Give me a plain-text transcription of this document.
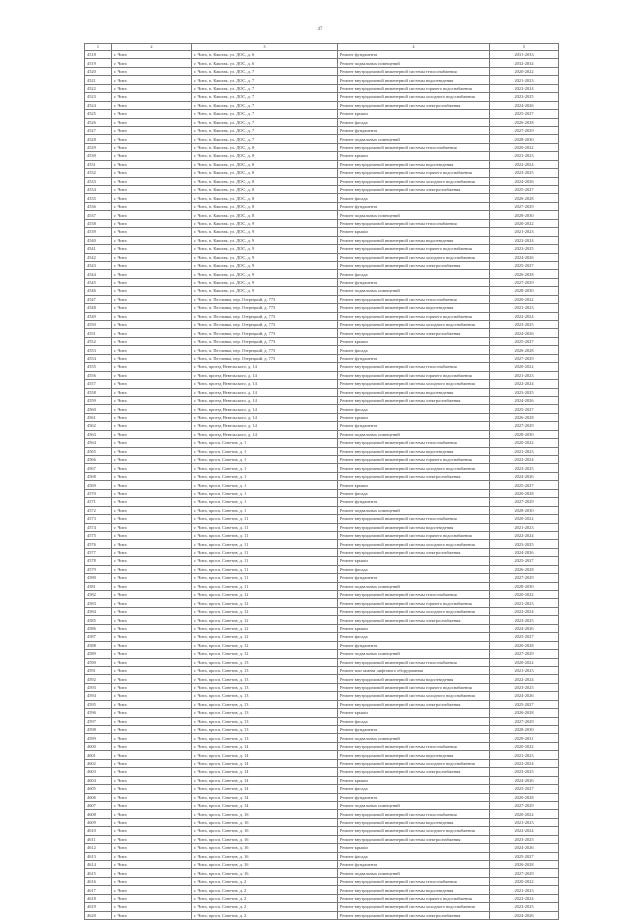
47
1	2	3	4	5
4518	г. Чита	г. Чита, п. Каштак, ул. ДОС, д. 6	Ремонт фундамента	2031-2033
4519	г. Чита	г. Чита, п. Каштак, ул. ДОС, д. 6	Ремонт подвальных помещений	2032-2034
4520	г. Чита	г. Чита, п. Каштак, ул. ДОС, д. 7	Ремонт внутридомовой инженерной системы теплоснабжения	2020-2022
4521	г. Чита	г. Чита, п. Каштак, ул. ДОС, д. 7	Ремонт внутридомовой инженерной системы водоотведения	2021-2023
4522	г. Чита	г. Чита, п. Каштак, ул. ДОС, д. 7	Ремонт внутридомовой инженерной системы горячего водоснабжения	2022-2024
4523	г. Чита	г. Чита, п. Каштак, ул. ДОС, д. 7	Ремонт внутридомовой инженерной системы холодного водоснабжения	2023-2025
4524	г. Чита	г. Чита, п. Каштак, ул. ДОС, д. 7	Ремонт внутридомовой инженерной системы электроснабжения	2024-2026
4525	г. Чита	г. Чита, п. Каштак, ул. ДОС, д. 7	Ремонт крыши	2025-2027
4526	г. Чита	г. Чита, п. Каштак, ул. ДОС, д. 7	Ремонт фасада	2026-2028
4527	г. Чита	г. Чита, п. Каштак, ул. ДОС, д. 7	Ремонт фундамента	2027-2029
4528	г. Чита	г. Чита, п. Каштак, ул. ДОС, д. 7	Ремонт подвальных помещений	2028-2030
4529	г. Чита	г. Чита, п. Каштак, ул. ДОС, д. 8	Ремонт внутридомовой инженерной системы теплоснабжения	2020-2022
4530	г. Чита	г. Чита, п. Каштак, ул. ДОС, д. 8	Ремонт крыши	2021-2023
4531	г. Чита	г. Чита, п. Каштак, ул. ДОС, д. 8	Ремонт внутридомовой инженерной системы водоотведения	2022-2024
4532	г. Чита	г. Чита, п. Каштак, ул. ДОС, д. 8	Ремонт внутридомовой инженерной системы горячего водоснабжения	2023-2025
4533	г. Чита	г. Чита, п. Каштак, ул. ДОС, д. 8	Ремонт внутридомовой инженерной системы холодного водоснабжения	2024-2026
4534	г. Чита	г. Чита, п. Каштак, ул. ДОС, д. 8	Ремонт внутридомовой инженерной системы электроснабжения	2025-2027
4535	г. Чита	г. Чита, п. Каштак, ул. ДОС, д. 8	Ремонт фасада	2026-2028
4536	г. Чита	г. Чита, п. Каштак, ул. ДОС, д. 8	Ремонт фундамента	2027-2029
4537	г. Чита	г. Чита, п. Каштак, ул. ДОС, д. 8	Ремонт подвальных помещений	2028-2030
4538	г. Чита	г. Чита, п. Каштак, ул. ДОС, д. 9	Ремонт внутридомовой инженерной системы теплоснабжения	2020-2022
4539	г. Чита	г. Чита, п. Каштак, ул. ДОС, д. 9	Ремонт крыши	2021-2023
4540	г. Чита	г. Чита, п. Каштак, ул. ДОС, д. 9	Ремонт внутридомовой инженерной системы водоотведения	2022-2024
4541	г. Чита	г. Чита, п. Каштак, ул. ДОС, д. 9	Ремонт внутридомовой инженерной системы горячего водоснабжения	2023-2025
4542	г. Чита	г. Чита, п. Каштак, ул. ДОС, д. 9	Ремонт внутридомовой инженерной системы холодного водоснабжения	2024-2026
4543	г. Чита	г. Чита, п. Каштак, ул. ДОС, д. 9	Ремонт внутридомовой инженерной системы электроснабжения	2025-2027
4544	г. Чита	г. Чита, п. Каштак, ул. ДОС, д. 9	Ремонт фасада	2026-2028
4545	г. Чита	г. Чита, п. Каштак, ул. ДОС, д. 9	Ремонт фундамента	2027-2029
4546	г. Чита	г. Чита, п. Каштак, ул. ДОС, д. 9	Ремонт подвальных помещений	2028-2030
4547	г. Чита	г. Чита, п. Песчанка, пер. Озерецкий, д. 773	Ремонт внутридомовой инженерной системы теплоснабжения	2020-2022
4548	г. Чита	г. Чита, п. Песчанка, пер. Озерецкий, д. 773	Ремонт внутридомовой инженерной системы водоотведения	2021-2023
4549	г. Чита	г. Чита, п. Песчанка, пер. Озерецкий, д. 773	Ремонт внутридомовой инженерной системы горячего водоснабжения	2022-2024
4550	г. Чита	г. Чита, п. Песчанка, пер. Озерецкий, д. 773	Ремонт внутридомовой инженерной системы холодного водоснабжения	2023-2025
4551	г. Чита	г. Чита, п. Песчанка, пер. Озерецкий, д. 773	Ремонт внутридомовой инженерной системы электроснабжения	2024-2026
4552	г. Чита	г. Чита, п. Песчанка, пер. Озерецкий, д. 773	Ремонт крыши	2025-2027
4553	г. Чита	г. Чита, п. Песчанка, пер. Озерецкий, д. 773	Ремонт фасада	2026-2028
4554	г. Чита	г. Чита, п. Песчанка, пер. Озерецкий, д. 773	Ремонт фундамента	2027-2029
4555	г. Чита	г. Чита, проезд Невельского, д. 14	Ремонт внутридомовой инженерной системы теплоснабжения	2020-2022
4556	г. Чита	г. Чита, проезд Невельского, д. 14	Ремонт внутридомовой инженерной системы горячего водоснабжения	2021-2023
4557	г. Чита	г. Чита, проезд Невельского, д. 14	Ремонт внутридомовой инженерной системы холодного водоснабжения	2022-2024
4558	г. Чита	г. Чита, проезд Невельского, д. 14	Ремонт внутридомовой инженерной системы водоотведения	2023-2025
4559	г. Чита	г. Чита, проезд Невельского, д. 14	Ремонт внутридомовой инженерной системы электроснабжения	2024-2026
4560	г. Чита	г. Чита, проезд Невельского, д. 14	Ремонт фасада	2025-2027
4561	г. Чита	г. Чита, проезд Невельского, д. 14	Ремонт крыши	2026-2028
4562	г. Чита	г. Чита, проезд Невельского, д. 14	Ремонт фундамента	2027-2029
4563	г. Чита	г. Чита, проезд Невельского, д. 14	Ремонт подвальных помещений	2028-2030
4564	г. Чита	г. Чита, просп. Советов, д. 1	Ремонт внутридомовой инженерной системы теплоснабжения	2020-2022
4565	г. Чита	г. Чита, просп. Советов, д. 1	Ремонт внутридомовой инженерной системы водоотведения	2021-2023
4566	г. Чита	г. Чита, просп. Советов, д. 1	Ремонт внутридомовой инженерной системы горячего водоснабжения	2022-2024
4567	г. Чита	г. Чита, просп. Советов, д. 1	Ремонт внутридомовой инженерной системы холодного водоснабжения	2023-2025
4568	г. Чита	г. Чита, просп. Советов, д. 1	Ремонт внутридомовой инженерной системы электроснабжения	2024-2026
4569	г. Чита	г. Чита, просп. Советов, д. 1	Ремонт крыши	2025-2027
4570	г. Чита	г. Чита, просп. Советов, д. 1	Ремонт фасада	2026-2028
4571	г. Чита	г. Чита, просп. Советов, д. 1	Ремонт фундамента	2027-2029
4572	г. Чита	г. Чита, просп. Советов, д. 1	Ремонт подвальных помещений	2028-2030
4573	г. Чита	г. Чита, просп. Советов, д. 11	Ремонт внутридомовой инженерной системы теплоснабжения	2020-2022
4574	г. Чита	г. Чита, просп. Советов, д. 11	Ремонт внутридомовой инженерной системы водоотведения	2021-2023
4575	г. Чита	г. Чита, просп. Советов, д. 11	Ремонт внутридомовой инженерной системы горячего водоснабжения	2022-2024
4576	г. Чита	г. Чита, просп. Советов, д. 11	Ремонт внутридомовой инженерной системы холодного водоснабжения	2023-2025
4577	г. Чита	г. Чита, просп. Советов, д. 11	Ремонт внутридомовой инженерной системы электроснабжения	2024-2026
4578	г. Чита	г. Чита, просп. Советов, д. 11	Ремонт крыши	2025-2027
4579	г. Чита	г. Чита, просп. Советов, д. 11	Ремонт фасада	2026-2028
4580	г. Чита	г. Чита, просп. Советов, д. 11	Ремонт фундамента	2027-2029
4581	г. Чита	г. Чита, просп. Советов, д. 11	Ремонт подвальных помещений	2028-2030
4582	г. Чита	г. Чита, просп. Советов, д. 12	Ремонт внутридомовой инженерной системы теплоснабжения	2020-2022
4583	г. Чита	г. Чита, просп. Советов, д. 12	Ремонт внутридомовой инженерной системы горячего водоснабжения	2021-2023
4584	г. Чита	г. Чита, просп. Советов, д. 12	Ремонт внутридомовой инженерной системы холодного водоснабжения	2022-2024
4585	г. Чита	г. Чита, просп. Советов, д. 12	Ремонт внутридомовой инженерной системы электроснабжения	2023-2025
4586	г. Чита	г. Чита, просп. Советов, д. 12	Ремонт крыши	2024-2026
4587	г. Чита	г. Чита, просп. Советов, д. 12	Ремонт фасада	2025-2027
4588	г. Чита	г. Чита, просп. Советов, д. 12	Ремонт фундамента	2026-2028
4589	г. Чита	г. Чита, просп. Советов, д. 12	Ремонт подвальных помещений	2027-2029
4590	г. Чита	г. Чита, просп. Советов, д. 13	Ремонт внутридомовой инженерной системы теплоснабжения	2020-2022
4591	г. Чита	г. Чита, просп. Советов, д. 13	Ремонт или замена лифтового оборудования	2021-2023
4592	г. Чита	г. Чита, просп. Советов, д. 13	Ремонт внутридомовой инженерной системы водоотведения	2022-2024
4593	г. Чита	г. Чита, просп. Советов, д. 13	Ремонт внутридомовой инженерной системы горячего водоснабжения	2023-2025
4594	г. Чита	г. Чита, просп. Советов, д. 13	Ремонт внутридомовой инженерной системы холодного водоснабжения	2024-2026
4595	г. Чита	г. Чита, просп. Советов, д. 13	Ремонт внутридомовой инженерной системы электроснабжения	2025-2027
4596	г. Чита	г. Чита, просп. Советов, д. 13	Ремонт крыши	2026-2028
4597	г. Чита	г. Чита, просп. Советов, д. 13	Ремонт фасада	2027-2029
4598	г. Чита	г. Чита, просп. Советов, д. 13	Ремонт фундамента	2028-2030
4599	г. Чита	г. Чита, просп. Советов, д. 13	Ремонт подвальных помещений	2029-2031
4600	г. Чита	г. Чита, просп. Советов, д. 14	Ремонт внутридомовой инженерной системы теплоснабжения	2020-2022
4601	г. Чита	г. Чита, просп. Советов, д. 14	Ремонт внутридомовой инженерной системы водоотведения	2021-2023
4602	г. Чита	г. Чита, просп. Советов, д. 14	Ремонт внутридомовой инженерной системы холодного водоснабжения	2022-2024
4603	г. Чита	г. Чита, просп. Советов, д. 14	Ремонт внутридомовой инженерной системы электроснабжения	2023-2025
4604	г. Чита	г. Чита, просп. Советов, д. 14	Ремонт крыши	2024-2026
4605	г. Чита	г. Чита, просп. Советов, д. 14	Ремонт фасада	2025-2027
4606	г. Чита	г. Чита, просп. Советов, д. 14	Ремонт фундамента	2026-2028
4607	г. Чита	г. Чита, просп. Советов, д. 14	Ремонт подвальных помещений	2027-2029
4608	г. Чита	г. Чита, просп. Советов, д. 16	Ремонт внутридомовой инженерной системы теплоснабжения	2020-2022
4609	г. Чита	г. Чита, просп. Советов, д. 16	Ремонт внутридомовой инженерной системы водоотведения	2021-2023
4610	г. Чита	г. Чита, просп. Советов, д. 16	Ремонт внутридомовой инженерной системы холодного водоснабжения	2022-2024
4611	г. Чита	г. Чита, просп. Советов, д. 16	Ремонт внутридомовой инженерной системы электроснабжения	2023-2025
4612	г. Чита	г. Чита, просп. Советов, д. 16	Ремонт крыши	2024-2026
4613	г. Чита	г. Чита, просп. Советов, д. 16	Ремонт фасада	2025-2027
4614	г. Чита	г. Чита, просп. Советов, д. 16	Ремонт фундамента	2026-2028
4615	г. Чита	г. Чита, просп. Советов, д. 16	Ремонт подвальных помещений	2027-2029
4616	г. Чита	г. Чита, просп. Советов, д. 2	Ремонт внутридомовой инженерной системы теплоснабжения	2020-2022
4617	г. Чита	г. Чита, просп. Советов, д. 2	Ремонт внутридомовой инженерной системы водоотведения	2021-2023
4618	г. Чита	г. Чита, просп. Советов, д. 2	Ремонт внутридомовой инженерной системы горячего водоснабжения	2022-2024
4619	г. Чита	г. Чита, просп. Советов, д. 2	Ремонт внутридомовой инженерной системы холодного водоснабжения	2023-2025
4620	г. Чита	г. Чита, просп. Советов, д. 2	Ремонт внутридомовой инженерной системы электроснабжения	2024-2026
